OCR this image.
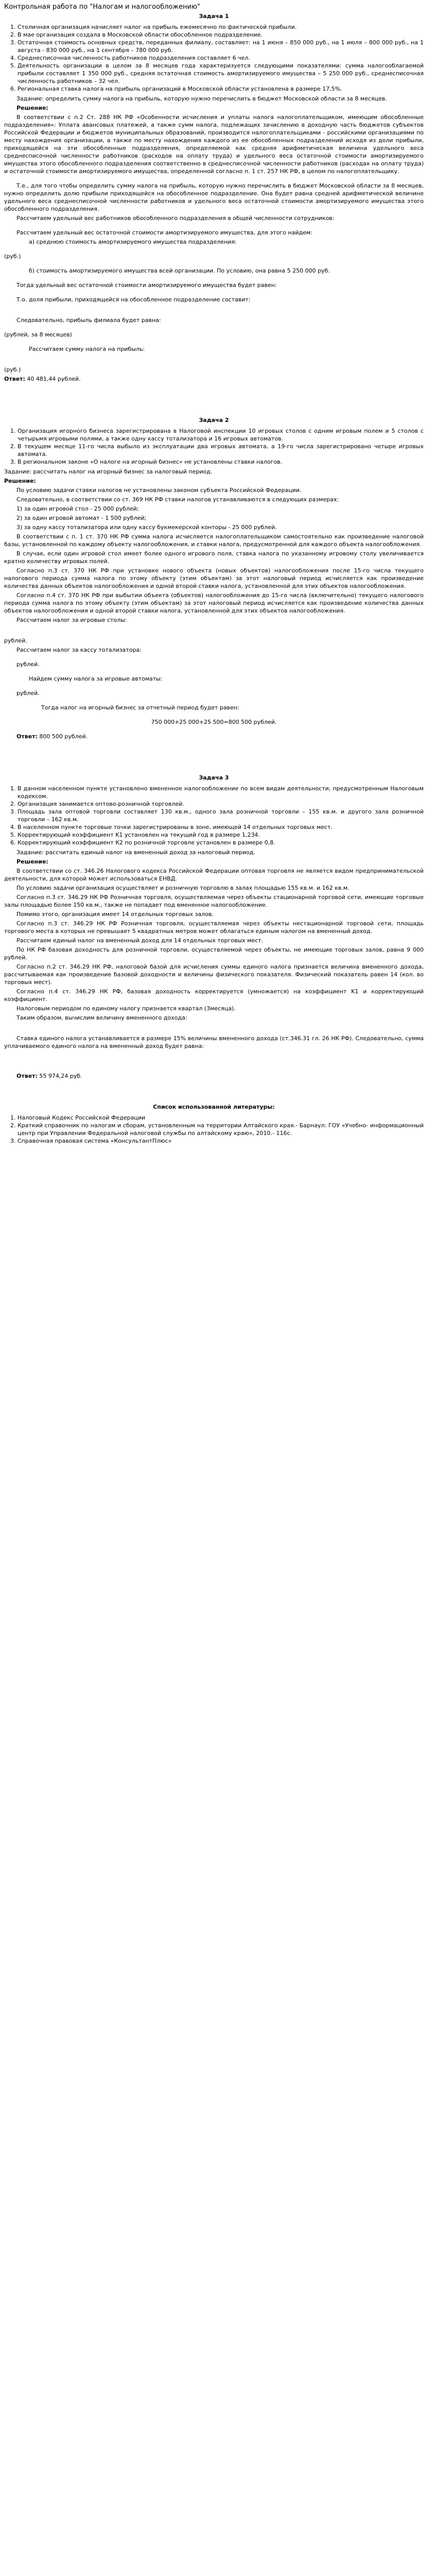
Контрольная работа по "Налогам и налогообложению"
Задача 1
1. Столичная организация начисляет налог на прибыль ежемесячно по фактической прибыли.
2. В мае организация создала в Московской области обособленное подразделение.
3. Остаточная стоимость основных средств, переданных филиалу, составляет: на 1 июня – 850 000 руб., на 1 июля – 800 000 руб., на 1 августа - 830 000 руб., на 1 сентября – 780 000 руб.
4. Среднесписочная численность работников подразделения составляет 6 чел.
5. Деятельность организации в целом за 8 месяцев года характеризуется следующими показателями: сумма налогооблагаемой прибыли составляет 1 350 000 руб., средняя остаточная стоимость амортизируемого имущества – 5 250 000 руб., среднесписочная численность работников – 32 чел.
6. Региональная ставка налога на прибыль организаций в Московской области установлена в размере 17,5%.

Задание: определить сумму налога на прибыль, которую нужно перечислить в бюджет Московской области за 8 месяцев.

Решение:

В соответствии с п.2 Ст. 288 НК РФ «Особенности исчисления и уплаты налога налогоплательщиком, имеющим обособленные подразделения»: Уплата авансовых платежей, а также сумм налога, подлежащих зачислению в доходную часть бюджетов субъектов Российской Федерации и бюджетов муниципальных образований, производится налогоплательщиками - российскими организациями по месту нахождения организации, а также по месту нахождения каждого из ее обособленных подразделений исходя из доли прибыли, приходящейся на эти обособленные подразделения, определяемой как средняя арифметическая величина удельного веса среднесписочной численности работников (расходов на оплату труда) и удельного веса остаточной стоимости амортизируемого имущества этого обособленного подразделения соответственно в среднесписочной численности работников (расходах на оплату труда) и остаточной стоимости амортизируемого имущества, определенной согласно п. 1 ст. 257 НК РФ, в целом по налогоплательщику.

Т.е., для того чтобы определить сумму налога на прибыль, которую нужно перечислить в бюджет Московской области за 8 месяцев, нужно определить долю прибыли приходящейся на обособленное подразделение. Она будет равна средней арифметической величине удельного веса среднесписочной численности работников и удельного веса остаточной стоимости амортизируемого имущества этого обособленного подразделения.

Рассчитаем удельный вес работников обособленного подразделения в общей численности сотрудников:

Рассчитаем удельный вес остаточной стоимости амортизируемого имущества, для этого найдем:

а) среднюю стоимость амортизируемого имущества подразделения:

(руб.)

б) стоимость амортизируемого имущества всей организации. По условию, она равна 5 250 000 руб.

Тогда удельный вес остаточной стоимости амортизируемого имущества будет равен:

Т.о. доля прибыли, приходящейся на обособленное подразделение составит:

Следовательно, прибыль филиала будет равна:

(рублей, за 8 месяцев)

Рассчитаем сумму налога на прибыль:

(руб.)

Ответ: 40 481,44 рублей.

Задача 2
1. Организация игорного бизнеса зарегистрирована в Налоговой инспекции 10 игровых столов с одним игровым полем и 5 столов с четырьмя игровыми полями, а также одну кассу тотализатора и 16 игровых автоматов.
2. В текущем месяце 11-го числа выбыло из эксплуатации два игровых автомата, а 19-го числа зарегистрировано четыре игровых автомата.
3. В региональном законе «О налоге на игорный бизнес» не установлены ставки налогов.

Задание: рассчитать налог на игорный бизнес за налоговый период.

Решение:

По условию задачи ставки налогов не установлены законом субъекта Российской Федерации.

Следовательно, в соответствии со ст. 369 НК РФ ставки налогов устанавливаются в следующих размерах:

1) за один игровой стол - 25 000 рублей;

2) за один игровой автомат - 1 500 рублей;

3) за одну кассу тотализатора или одну кассу букмекерской конторы - 25 000 рублей.

В соответствии с п. 1 ст. 370 НК РФ сумма налога исчисляется налогоплательщиком самостоятельно как произведение налоговой базы, установленной по каждому объекту налогообложения, и ставки налога, предусмотренной для каждого объекта налогообложения.

В случае, если один игровой стол имеет более одного игрового поля, ставка налога по указанному игровому столу увеличивается кратно количеству игровых полей.

Согласно п.3 ст. 370 НК РФ при установке нового объекта (новых объектов) налогообложения после 15-го числа текущего налогового периода сумма налога по этому объекту (этим объектам) за этот налоговый период исчисляется как произведение количества данных объектов налогообложения и одной второй ставки налога, установленной для этих объектов налогообложения.

Согласно п.4 ст. 370 НК РФ при выбытии объекта (объектов) налогообложения до 15-го числа (включительно) текущего налогового периода сумма налога по этому объекту (этим объектам) за этот налоговый период исчисляется как произведение количества данных объектов налогообложения и одной второй ставки налога, установленной для этих объектов налогообложения.

Рассчитаем налог за игровые столы:

рублей.

Рассчитаем налог за кассу тотализатора:

рублей.

Найдем сумму налога за игровые автоматы:

рублей.

Тогда налог на игорный бизнес за отчетный период будет равен:

750 000+25 000+25 500=800 500 рублей.

Ответ: 800 500 рублей.

Задача 3
1. В данном населенном пункте установлено вмененное налогообложение по всем видам деятельности, предусмотренным Налоговым кодексом.
2. Организация занимается оптово-розничной торговлей.
3. Площадь зала оптовой торговли составляет 130 кв.м., одного зала розничной торговли – 155 кв.м. и другого зала розничной торговли – 162 кв.м.
4. В населенном пункте торговые точки зарегистрированы в зоне, имеющей 14 отдельных торговых мест.
5. Корректирующий коэффициент K1 установлен на текущий год в размере 1,234.
6. Корректирующий коэффициент К2 по розничной торговле установлен в размере 0,8.

Задание: рассчитать единый налог на вмененный доход за налоговый период.

Решение:

В соответствии со ст. 346.26 Налогового кодекса Российской Федерации оптовая торговля не является видом предпринимательской деятельности, для которой может использоваться ЕНВД.

По условию задачи организация осуществляет и розничную торговлю в залах площадью 155 кв.м. и 162 кв.м.

Согласно п.3 ст. 346.29 НК РФ Розничная торговля, осуществляемая через объекты стационарной торговой сети, имеющие торговые залы площадью более 150 кв.м., также не попадает под вмененное налогообложение.

Помимо этого, организация имеет 14 отдельных торговых залов.

Согласно п.3 ст. 346.29 НК РФ Розничная торговля, осуществляемая через объекты нестационарной торговой сети, площадь торгового места в которых не превышает 5 квадратных метров может облагаться единым налогом на вмененный доход.

Рассчитаем единый налог на вмененный доход для 14 отдельных торговых мест.

По НК РФ базовая доходность для розничной торговли, осуществляемой через объекты, не имеющие торговых залов, равна 9 000 рублей.

Согласно п.2 ст. 346.29 НК РФ, налоговой базой для исчисления суммы единого налога признается величина вмененного дохода, рассчитываемая как произведение базовой доходности и величины физического показателя. Физический показатель равен 14 (кол. во торговых мест).

Согласно п.4 ст. 346.29 НК РФ, базовая доходность корректируется (умножается) на коэффициент K1 и корректирующий коэффициент.

Налоговым периодом по единому налогу признается квартал (3месяца).

Таким образом, вычислим величину вмененного дохода:

Ставка единого налога устанавливается в размере 15% величины вмененного дохода (ст.346.31 гл. 26 НК РФ). Следовательно, сумма уплачиваемого единого налога на вмененный доход будет равна:

Ответ: 55 974,24 руб.

Список использованной литературы:
1. Налоговый Кодекс Российской Федерации
2. Краткий справочник по налогам и сборам, установленным на территории Алтайского края.- Барнаул: ГОУ «Учебно- информационный центр при Управлении Федеральной налоговой службы по алтайскому краю», 2010.- 116с.
3. Справочная правовая система «КонсультантПлюс»
